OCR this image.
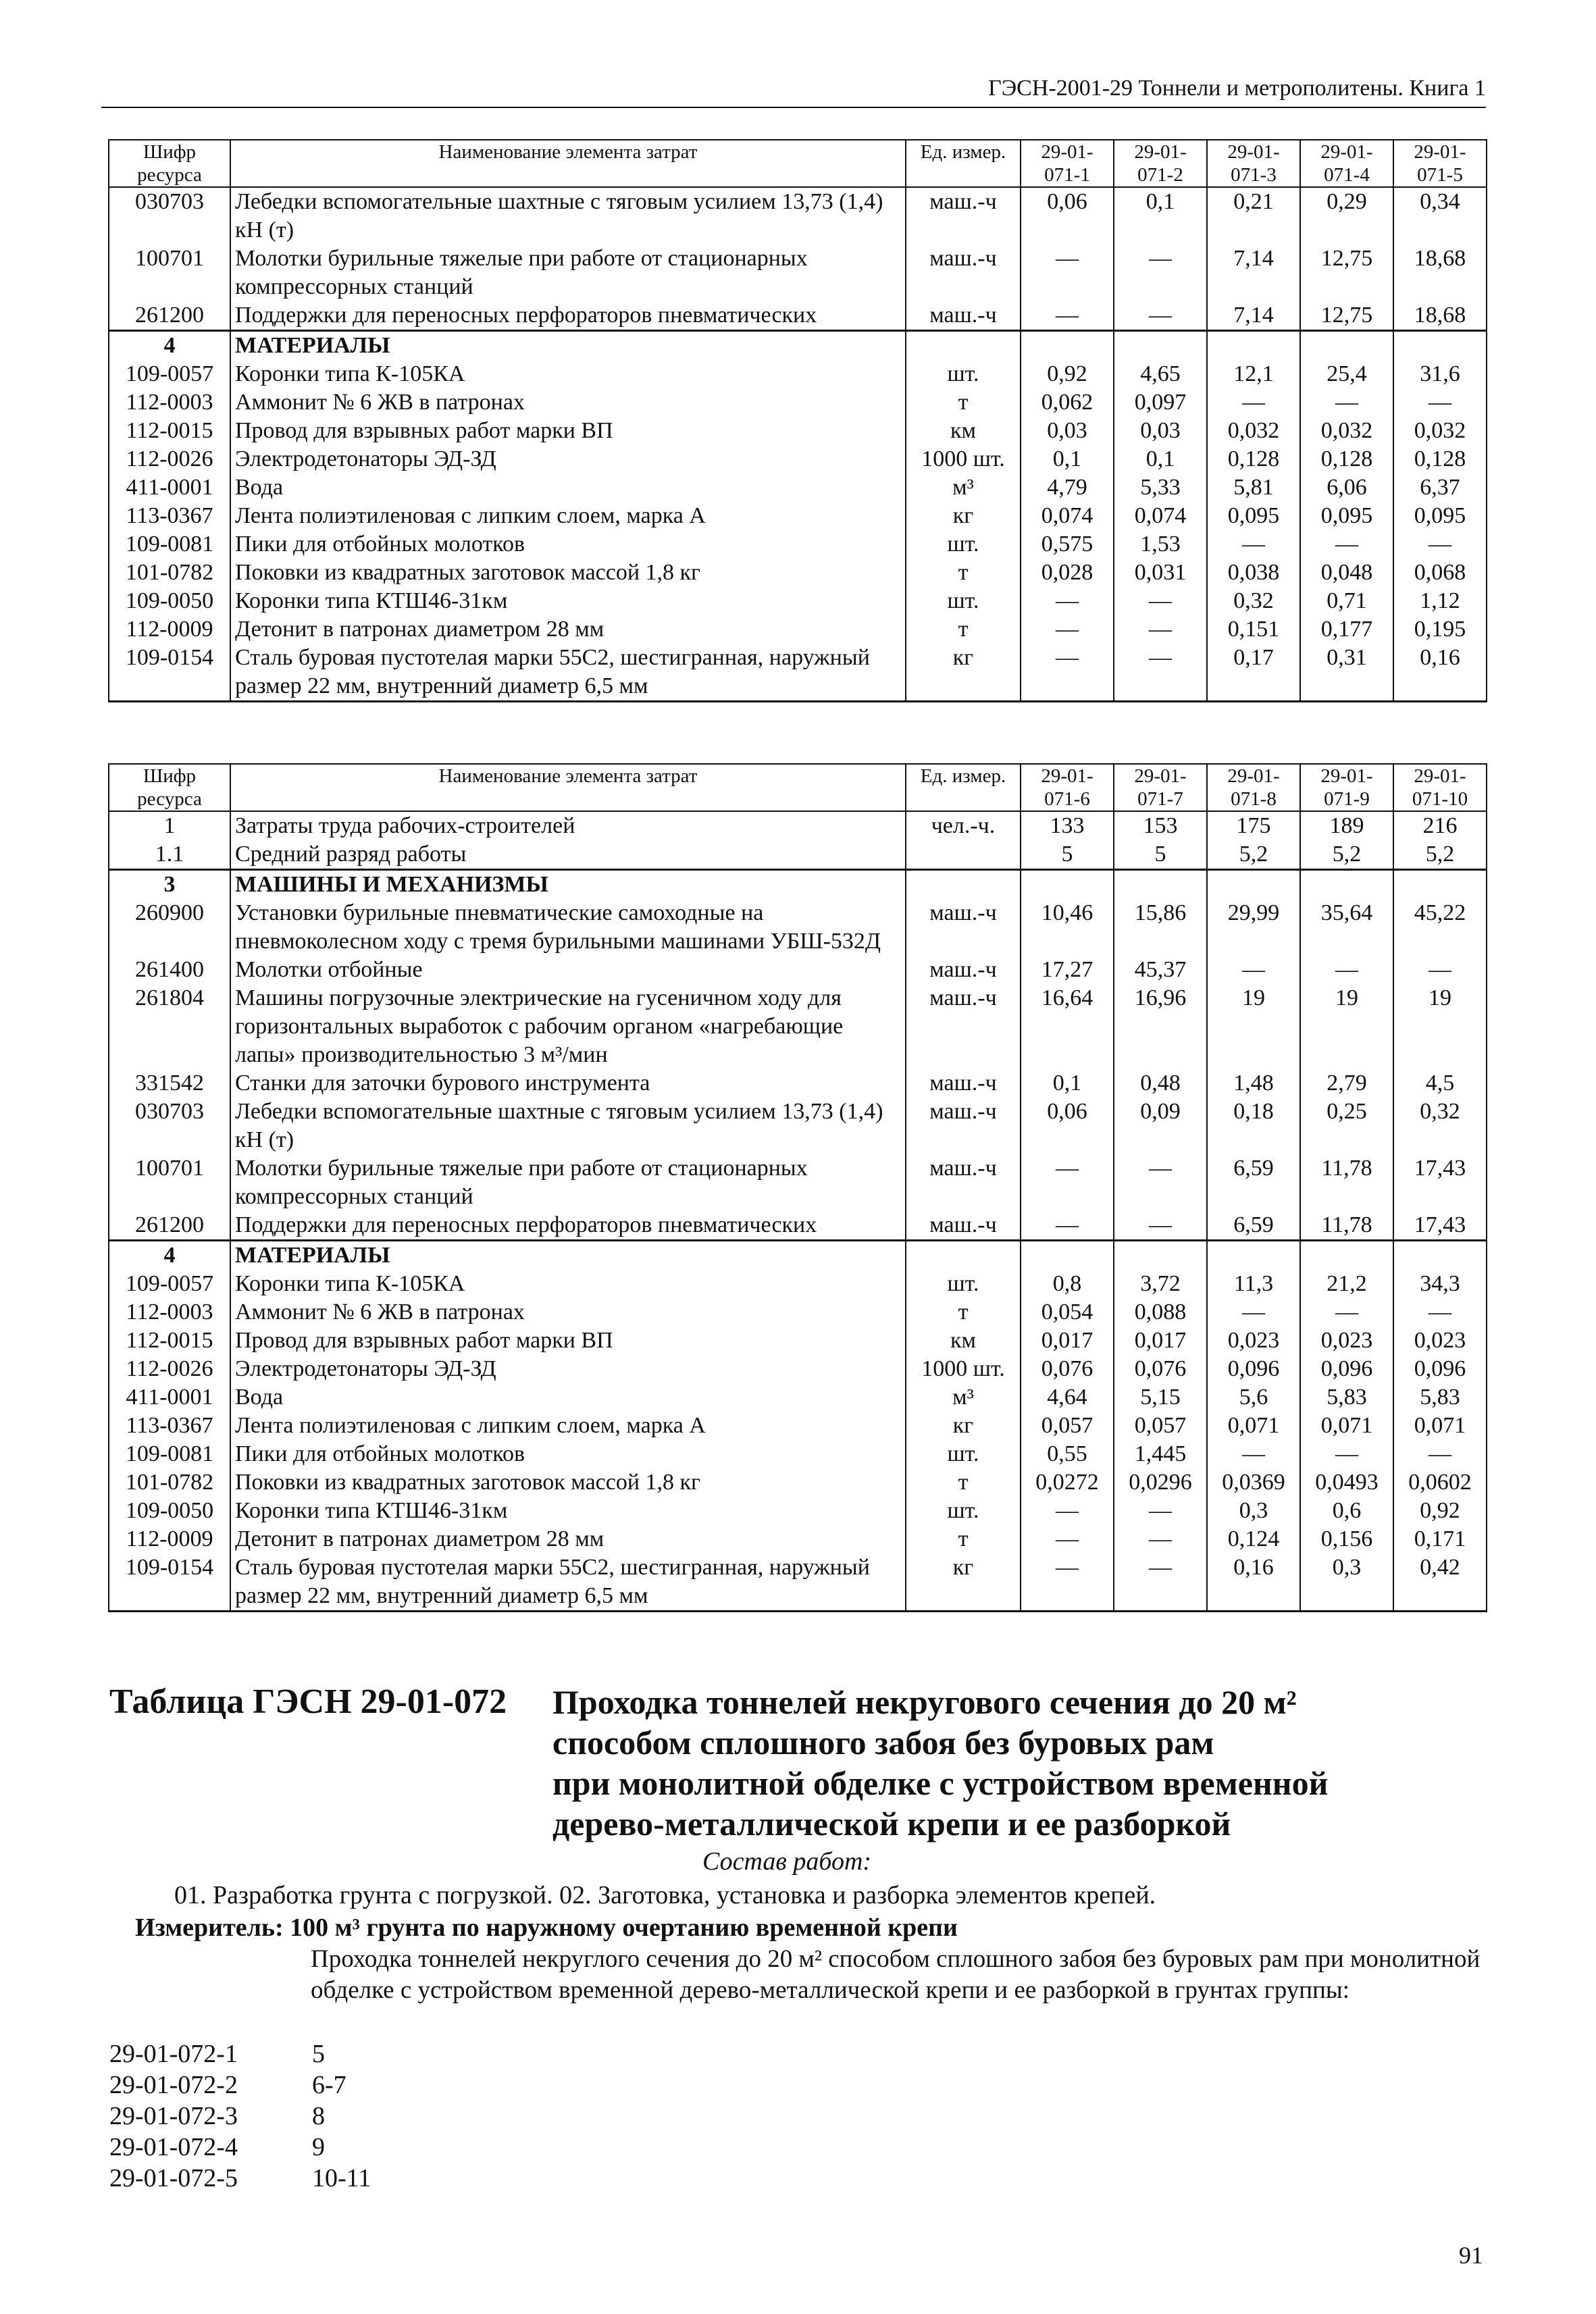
ГЭСН-2001-29 Тоннели и метрополитены. Книга 1
Шифр ресурса	Наименование элемента затрат	Ед. измер.	29-01-071-1	29-01-071-2	29-01-071-3	29-01-071-4	29-01-071-5
030703	Лебедки вспомогательные шахтные с тяговым усилием 13,73 (1,4) кН (т)	маш.-ч	0,06	0,1	0,21	0,29	0,34
100701	Молотки бурильные тяжелые при работе от стационарных компрессорных станций	маш.-ч	—	—	7,14	12,75	18,68
261200	Поддержки для переносных перфораторов пневматических	маш.-ч	—	—	7,14	12,75	18,68
4	МАТЕРИАЛЫ						
109-0057	Коронки типа К-105КА	шт.	0,92	4,65	12,1	25,4	31,6
112-0003	Аммонит № 6 ЖВ в патронах	т	0,062	0,097	—	—	—
112-0015	Провод для взрывных работ марки ВП	км	0,03	0,03	0,032	0,032	0,032
112-0026	Электродетонаторы ЭД-ЗД	1000 шт.	0,1	0,1	0,128	0,128	0,128
411-0001	Вода	м³	4,79	5,33	5,81	6,06	6,37
113-0367	Лента полиэтиленовая с липким слоем, марка А	кг	0,074	0,074	0,095	0,095	0,095
109-0081	Пики для отбойных молотков	шт.	0,575	1,53	—	—	—
101-0782	Поковки из квадратных заготовок массой 1,8 кг	т	0,028	0,031	0,038	0,048	0,068
109-0050	Коронки типа КТШ46-31км	шт.	—	—	0,32	0,71	1,12
112-0009	Детонит в патронах диаметром 28 мм	т	—	—	0,151	0,177	0,195
109-0154	Сталь буровая пустотелая марки 55С2, шестигранная, наружный размер 22 мм, внутренний диаметр 6,5 мм	кг	—	—	0,17	0,31	0,16
Шифр ресурса	Наименование элемента затрат	Ед. измер.	29-01-071-6	29-01-071-7	29-01-071-8	29-01-071-9	29-01-071-10
1	Затраты труда рабочих-строителей	чел.-ч.	133	153	175	189	216
1.1	Средний разряд работы		5	5	5,2	5,2	5,2
3	МАШИНЫ И МЕХАНИЗМЫ						
260900	Установки бурильные пневматические самоходные на пневмоколесном ходу с тремя бурильными машинами УБШ-532Д	маш.-ч	10,46	15,86	29,99	35,64	45,22
261400	Молотки отбойные	маш.-ч	17,27	45,37	—	—	—
261804	Машины погрузочные электрические на гусеничном ходу для горизонтальных выработок с рабочим органом «нагребающие лапы» производительностью 3 м³/мин	маш.-ч	16,64	16,96	19	19	19
331542	Станки для заточки бурового инструмента	маш.-ч	0,1	0,48	1,48	2,79	4,5
030703	Лебедки вспомогательные шахтные с тяговым усилием 13,73 (1,4) кН (т)	маш.-ч	0,06	0,09	0,18	0,25	0,32
100701	Молотки бурильные тяжелые при работе от стационарных компрессорных станций	маш.-ч	—	—	6,59	11,78	17,43
261200	Поддержки для переносных перфораторов пневматических	маш.-ч	—	—	6,59	11,78	17,43
4	МАТЕРИАЛЫ						
109-0057	Коронки типа К-105КА	шт.	0,8	3,72	11,3	21,2	34,3
112-0003	Аммонит № 6 ЖВ в патронах	т	0,054	0,088	—	—	—
112-0015	Провод для взрывных работ марки ВП	км	0,017	0,017	0,023	0,023	0,023
112-0026	Электродетонаторы ЭД-ЗД	1000 шт.	0,076	0,076	0,096	0,096	0,096
411-0001	Вода	м³	4,64	5,15	5,6	5,83	5,83
113-0367	Лента полиэтиленовая с липким слоем, марка А	кг	0,057	0,057	0,071	0,071	0,071
109-0081	Пики для отбойных молотков	шт.	0,55	1,445	—	—	—
101-0782	Поковки из квадратных заготовок массой 1,8 кг	т	0,0272	0,0296	0,0369	0,0493	0,0602
109-0050	Коронки типа КТШ46-31км	шт.	—	—	0,3	0,6	0,92
112-0009	Детонит в патронах диаметром 28 мм	т	—	—	0,124	0,156	0,171
109-0154	Сталь буровая пустотелая марки 55С2, шестигранная, наружный размер 22 мм, внутренний диаметр 6,5 мм	кг	—	—	0,16	0,3	0,42
Таблица ГЭСН 29-01-072 Проходка тоннелей некругового сечения до 20 м²
способом сплошного забоя без буровых рам
при монолитной обделке с устройством временной
дерево-металлической крепи и ее разборкой
Состав работ:
01. Разработка грунта с погрузкой. 02. Заготовка, установка и разборка элементов крепей.
Измеритель: 100 м³ грунта по наружному очертанию временной крепи
Проходка тоннелей некруглого сечения до 20 м² способом сплошного забоя без буровых рам при монолитной обделке с устройством временной дерево-металлической крепи и ее разборкой в грунтах группы:
29-01-072-1	5
29-01-072-2	6-7
29-01-072-3	8
29-01-072-4	9
29-01-072-5	10-11
91
